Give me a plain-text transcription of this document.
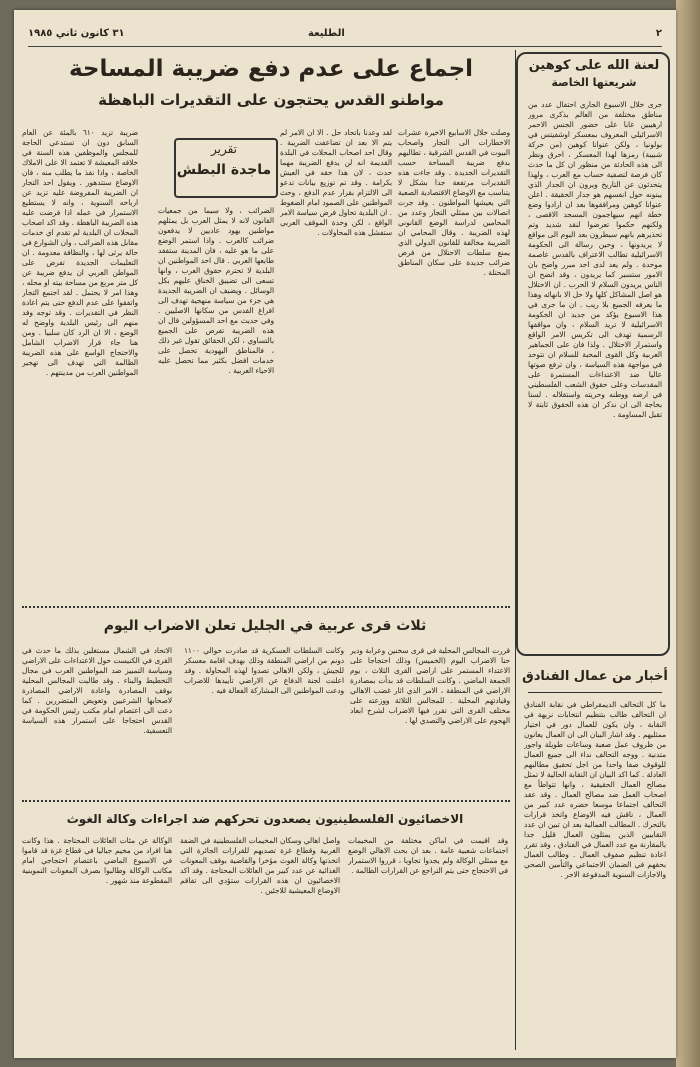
٢
الطليعة
٣١ كانون ثاني ١٩٨٥
لعنة الله على كوهين
شريعتها الخاصة
جرى خلال الاسبوع الجاري احتفال عدد من مناطق مختلفة من العالم بذكرى مرور ارهيبين غابا على حضور الجنس الاحمر الاسرائيلي المعروف بمعسكر اوشفيتس في بولونيا ، ولكن عنوانا كوهين (من حركة شبيبة) رمزها لهذا المعسكر ، احرق ونظر الى هذه الحادثة من منظور ان كل ما حدث كان فرصة لتصفية حساب مع العرب ، ولهذا يتحدثون عن التاريخ ويرون ان الجدار الذي يبنونه حول انفسهم هو جدار الحقيقة . اعلن عنوانا كوهين ومرافقوها بعد ان ارادوا وضع خطة انهم سيهاجمون المسجد الاقصى ، ولكنهم حكموا تعرضوا لنقد شديد وتم تحذيرهم بانهم سيطرون بعد اليوم الى مواقع لا يريدونها ، وحين رسالة الى الحكومة الاسرائيلية تطالب الاعتراف بالقدس عاصمة موحدة . ولم يعد لدى احد مبرر واضح بان الامور ستسير كما يريدون ، وقد اتضح ان الناس يريدون السلام لا الحرب . ان الاحتلال هو اصل المشاكل كلها ولا حل الا بانهائه وهذا ما يعرفه الجميع بلا ريب . ان ما جرى في هذا الاسبوع يؤكد من جديد ان الحكومة الاسرائيلية لا تريد السلام ، وان مواقفها الرسمية تهدف الى تكريس الامر الواقع واستمرار الاحتلال . ولذا فان على الجماهير العربية وكل القوى المحبة للسلام ان تتوحد في مواجهة هذه السياسة ، وان ترفع صوتها عاليا ضد الاعتداءات المستمرة على المقدسات وعلى حقوق الشعب الفلسطيني في ارضه ووطنه وحريته واستقلاله . لسنا بحاجة الى ان نذكر ان هذه الحقوق ثابتة لا تقبل المساومة .
اجماع على عدم دفع ضريبة المساحة
مواطنو القدس يحتجون على التقديرات الباهظة
تقرير
ماجدة البطش
وصلت خلال الاسابيع الاخيرة عشرات الاخطارات الى التجار واصحاب البيوت في القدس الشرقية ، تطالبهم بدفع ضريبة المساحة حسب التقديرات الجديدة . وقد جاءت هذه التقديرات مرتفعة جدا بشكل لا يتناسب مع الاوضاع الاقتصادية الصعبة التي يعيشها المواطنون . وقد جرت اتصالات بين ممثلي التجار وعدد من المحامين لدراسة الوضع القانوني لهذه الضريبة . وقال المحامي ان الضريبة مخالفة للقانون الدولي الذي يمنع سلطات الاحتلال من فرض ضرائب جديدة على سكان المناطق المحتلة .
لقد وعدنا باتحاد حل . الا ان الامر لم يتم الا بعد ان تضاعفت الضريبة . وقال احد اصحاب المحلات في البلدة القديمة انه لن يدفع الضريبة مهما حدث ، لان هذا حقه في العيش بكرامة . وقد تم توزيع بيانات تدعو الى الالتزام بقرار عدم الدفع ، وحث المواطنين على الصمود امام الضغوط . ان البلدية تحاول فرض سياسة الامر الواقع ، لكن وحدة الموقف العربي ستفشل هذه المحاولات .
الضرائب ، ولا سيما من جمعيات القانون لانه لا يمثل العرب بل يمثلهم مواطنين يهود عاديين لا يدفعون ضرائب كالعرب . واذا استمر الوضع على ما هو عليه ، فان المدينة ستفقد طابعها العربي . قال احد المواطنين ان البلدية لا تحترم حقوق العرب ، وانها تسعى الى تضييق الخناق عليهم بكل الوسائل . ويضيف ان الضريبة الجديدة هي جزء من سياسة منهجية تهدف الى افراغ القدس من سكانها الاصليين . وفي حديث مع احد المسؤولين قال ان هذه الضريبة تفرض على الجميع بالتساوي ، لكن الحقائق تقول غير ذلك ، فالمناطق اليهودية تحصل على خدمات افضل بكثير مما تحصل عليه الاحياء العربية .
ضريبة تزيد ٦١٠ بالمئة عن العام السابق دون ان تستدعي الحاجة للمجلس والموظفين هذه السنة في خلافه المعيشة لا تعتمد الا على الاملاك الخاصة ، واذا نفذ ما يطلب منه ، فان الاوضاع ستتدهور . ويقول احد التجار ان الضريبة المفروضة عليه تزيد عن ارباحه السنوية ، وانه لا يستطيع الاستمرار في عمله اذا فرضت عليه هذه الضريبة الباهظة . وقد اكد اصحاب المحلات ان البلدية لم تقدم اي خدمات مقابل هذه الضرائب ، وان الشوارع في حالة يرثى لها ، والنظافة معدومة . ان التعليمات الجديدة تفرض على المواطن العربي ان يدفع ضريبة عن كل متر مربع من مساحة بيته او محله ، وهذا امر لا يحتمل . لقد اجتمع التجار واتفقوا على عدم الدفع حتى يتم اعادة النظر في التقديرات . وقد توجه وفد منهم الى رئيس البلدية واوضح له الوضع ، الا ان الرد كان سلبيا . ومن هنا جاء قرار الاضراب الشامل والاحتجاج الواسع على هذه الضريبة الظالمة التي تهدف الى تهجير المواطنين العرب من مدينتهم .
ثلاث قرى عربية في الجليل تعلن الاضراب اليوم
قررت المجالس المحلية في قرى سخنين وعرابة ودير حنا الاضراب اليوم (الخميس) وذلك احتجاجا على الاعتداء المستمر على اراضي القرى الثلاث ، يوم الجمعة الماضي . وكانت السلطات قد بدأت بمصادرة الاراضي في المنطقة ، الامر الذي اثار غضب الاهالي وقيادتهم المحلية . للمجالس الثلاثة ووزعته على مختلف القرى التي تقرر فيها الاضراب لشرح ابعاد الهجوم على الاراضي والتصدي لها .
وكانت السلطات العسكرية قد صادرت حوالي ١١٠٠ دونم من اراضي المنطقة وذلك بهدف اقامة معسكر للجيش ، ولكن الاهالي تصدوا لهذه المحاولة . وقد اعلنت لجنة الدفاع عن الاراضي تأييدها للاضراب ودعت المواطنين الى المشاركة الفعالة فيه .
الاتحاد في الشمال مستغلين بذلك ما حدث في القرى في الكنيست حول الاعتداءات على الاراضي وسياسة التمييز ضد المواطنين العرب في مجال التخطيط والبناء . وقد طالبت المجالس المحلية بوقف المصادرة واعادة الاراضي المصادرة لاصحابها الشرعيين وتعويض المتضررين . كما دعت الى اعتصام امام مكتب رئيس الحكومة في القدس احتجاجا على استمرار هذه السياسة التعسفية.
أخبار من عمال الفنادق
ما كل التحالف الديمقراطي في نقابة الفنادق ان التحالف طالب بتنظيم انتخابات نزيهة في النقابة ، وان يكون للعمال دور في اختيار ممثليهم . وقد اشار البيان الى ان العمال يعانون من ظروف عمل صعبة وساعات طويلة واجور متدنية . ووجه التحالف نداء الى جميع العمال للوقوف صفا واحدا من اجل تحقيق مطالبهم العادلة . كما اكد البيان ان النقابة الحالية لا تمثل مصالح العمال الحقيقية ، وانها تتواطأ مع اصحاب العمل ضد مصالح العمال . وقد عقد التحالف اجتماعا موسعا حضره عدد كبير من العمال ، ناقش فيه الاوضاع واتخذ قرارات بالتحرك . المطالب العمالية بعد ان تبين ان عدد النقابيين الذين يمثلون العمال قليل جدا بالمقارنة مع عدد العمال في الفنادق ، وقد تقرر اعادة تنظيم صفوف العمال . وطالب العمال بحقهم في الضمان الاجتماعي والتأمين الصحي والاجازات السنوية المدفوعة الاجر .
الاخصائيون الفلسطينيون يصعدون تحركهم ضد اجراءات وكالة الغوث
الوكالة عن مئات العائلات المحتاجة . هذا وكانت هنا افراد من مخيم جباليا في قطاع غزة قد قاموا في الاسبوع الماضي باعتصام احتجاجي امام مكاتب الوكالة وطالبوا بصرف المعونات التموينية المقطوعة منذ شهور .
واصل اهالي وسكان المخيمات الفلسطينية في الضفة الغربية وقطاع غزة تصديهم للقرارات الجائرة التي اتخذتها وكالة الغوث مؤخرا والقاضية بوقف المعونات الغذائية عن عدد كبير من العائلات المحتاجة . وقد اكد الاخصائيون ان هذه القرارات ستؤدي الى تفاقم الاوضاع المعيشية للاجئين .
وقد اقيمت في اماكن مختلفة من المخيمات اجتماعات شعبية عامة . بعد ان بحث الاهالي الوضع مع ممثلي الوكالة ولم يجدوا تجاوبا ، قرروا الاستمرار في الاحتجاج حتى يتم التراجع عن القرارات الظالمة .
